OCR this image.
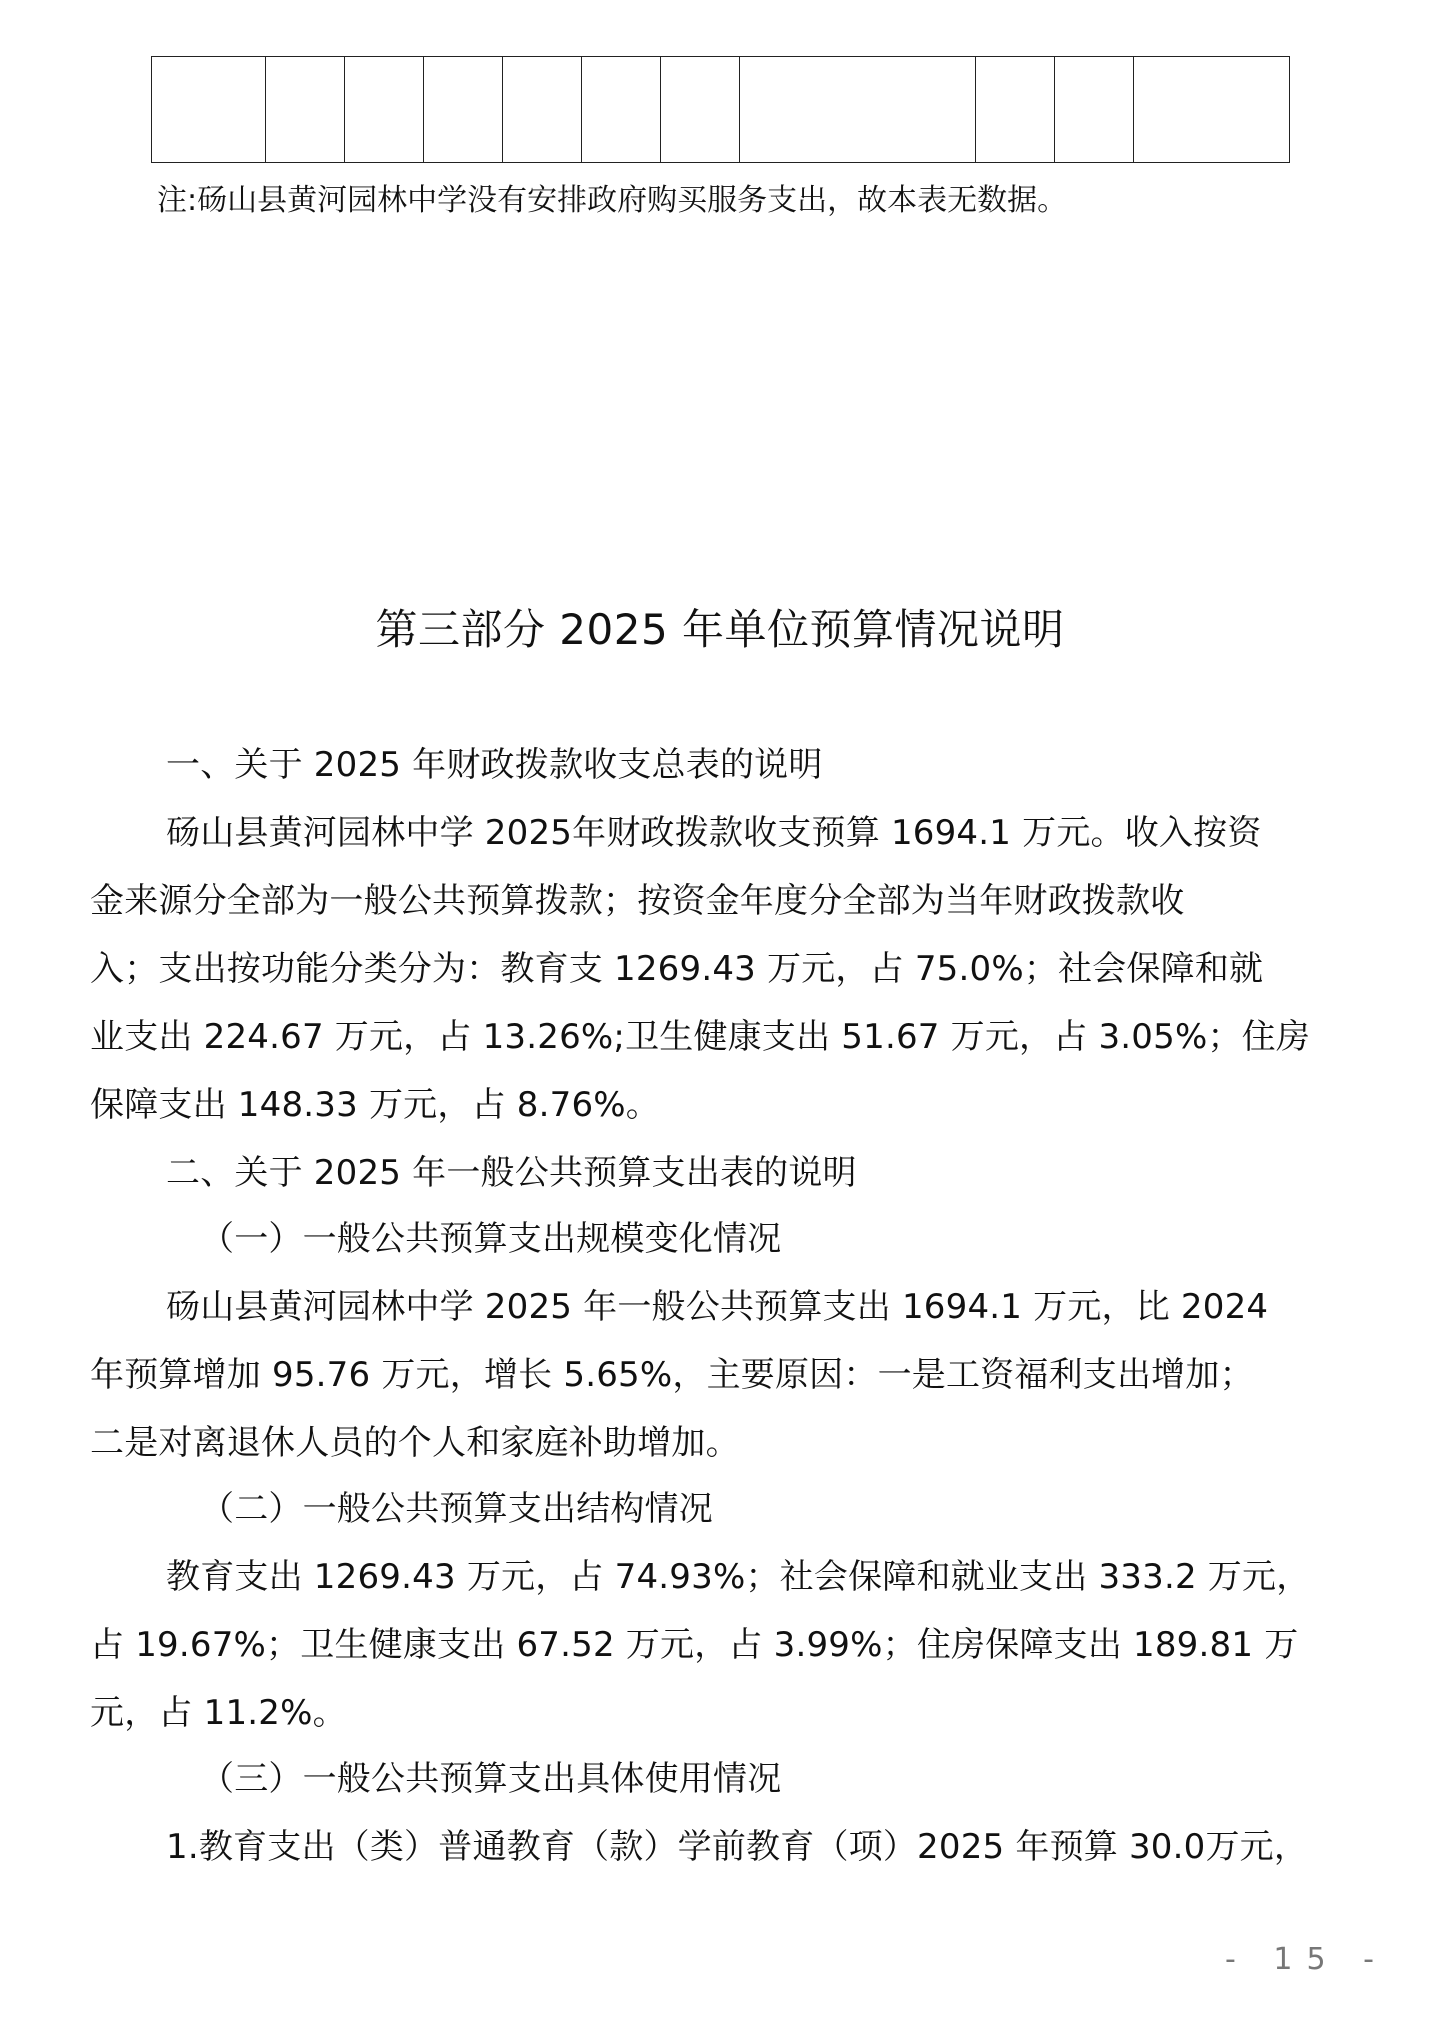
注:砀山县黄河园林中学没有安排政府购买服务支出，故本表无数据。

第三部分 2025 年单位预算情况说明

一、关于 2025 年财政拨款收支总表的说明

砀山县黄河园林中学 2025年财政拨款收支预算 1694.1 万元。收入按资

金来源分全部为一般公共预算拨款；按资金年度分全部为当年财政拨款收

入；支出按功能分类分为：教育支 1269.43 万元，占 75.0%；社会保障和就

业支出 224.67 万元，占 13.26%;卫生健康支出 51.67 万元，占 3.05%；住房

保障支出 148.33 万元，占 8.76%。

二、关于 2025 年一般公共预算支出表的说明

（一）一般公共预算支出规模变化情况

砀山县黄河园林中学 2025 年一般公共预算支出 1694.1 万元，比 2024

年预算增加 95.76 万元，增长 5.65%，主要原因：一是工资福利支出增加；

二是对离退休人员的个人和家庭补助增加。

（二）一般公共预算支出结构情况

教育支出 1269.43 万元，占 74.93%；社会保障和就业支出 333.2 万元，

占 19.67%；卫生健康支出 67.52 万元，占 3.99%；住房保障支出 189.81 万

元，占 11.2%。

（三）一般公共预算支出具体使用情况

1.教育支出（类）普通教育（款）学前教育（项）2025 年预算 30.0万元，

- 15 -
